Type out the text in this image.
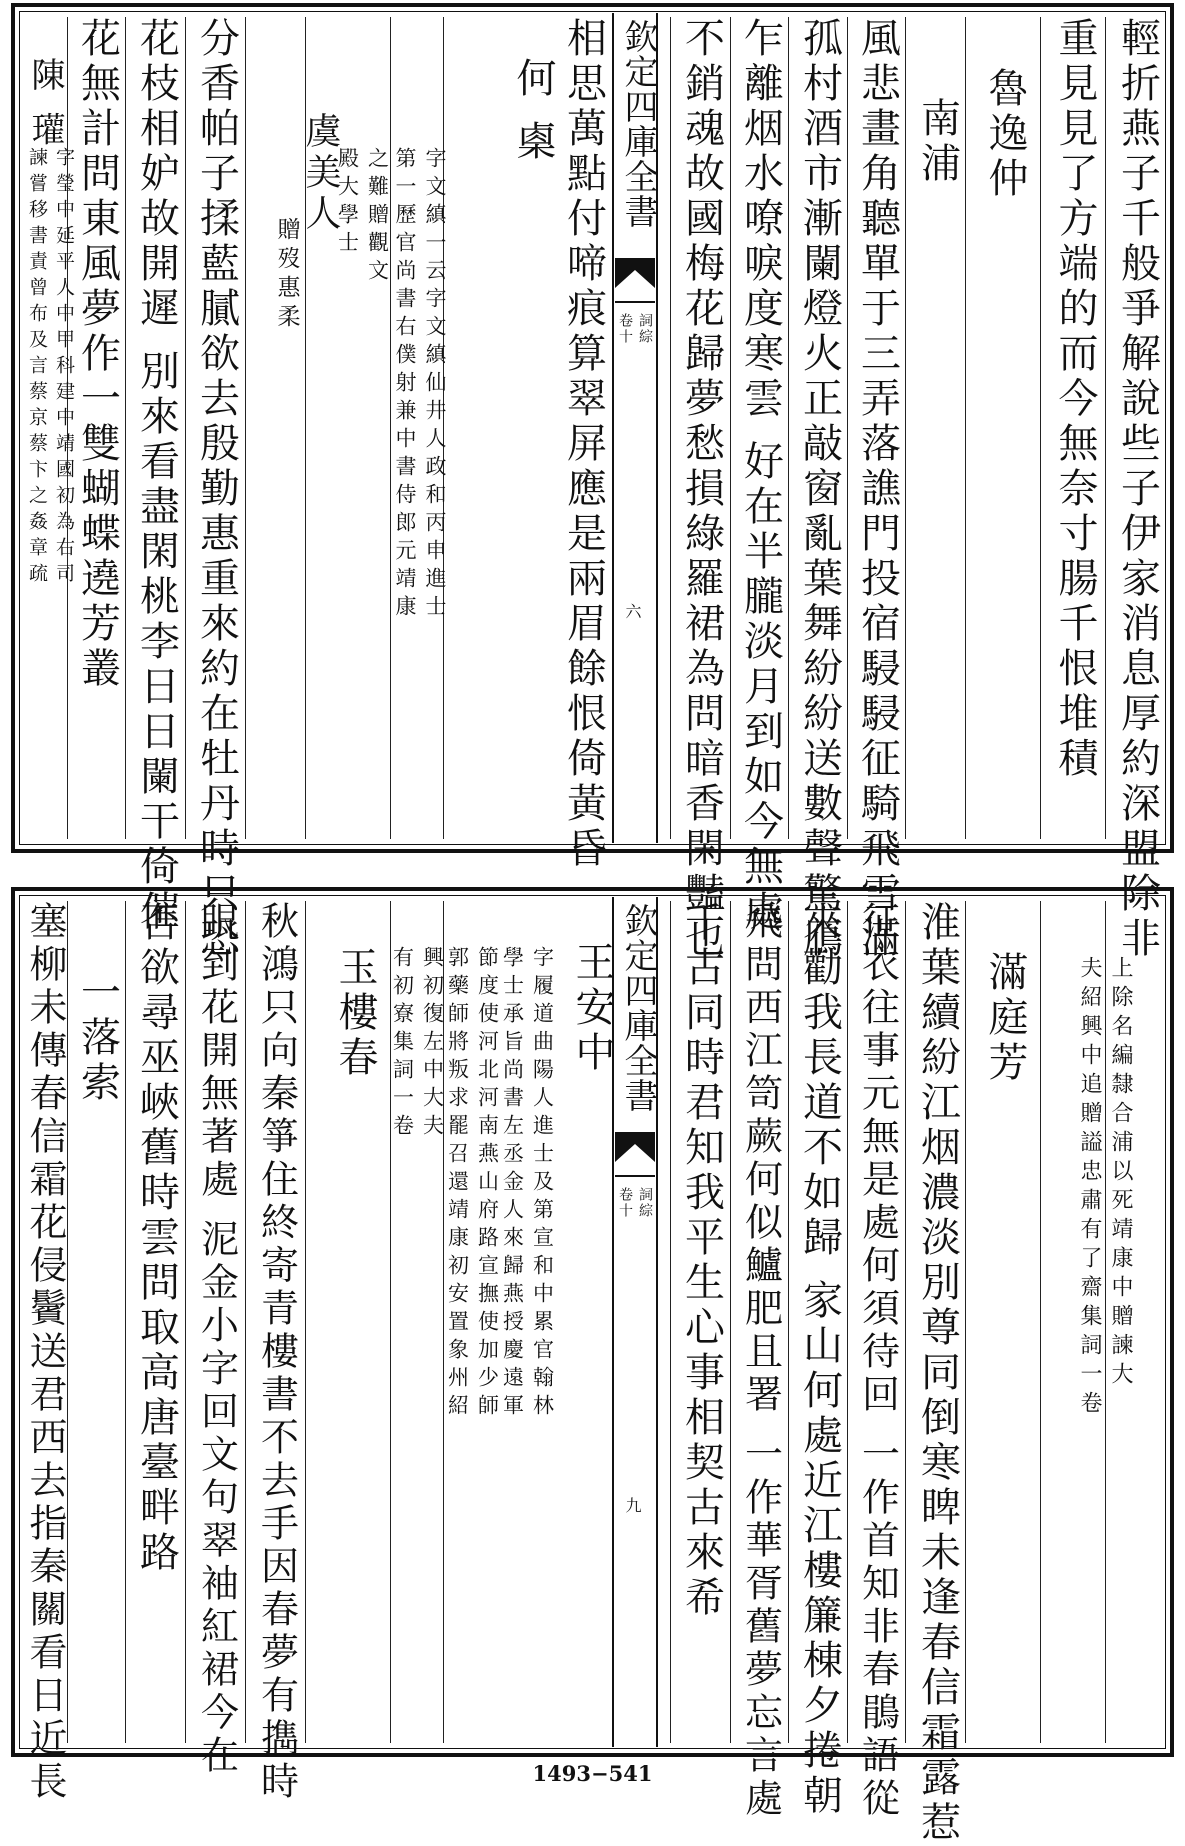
輕折燕子千般爭解說些子伊家消息厚約深盟除非
重見見了方端的而今無奈寸腸千恨堆積
魯逸仲
南浦
風悲畫角聽單于三弄落譙門投宿駸駸征騎飛雪滿
孤村酒市漸闌燈火正敲窗亂葉舞紛紛送數聲驚鴈
乍離烟水嘹唳度寒雲 好在半朧淡月到如今無處
不銷魂故國梅花歸夢愁損綠羅裙為問暗香閑豔也
欽定四庫全書
詞綜
卷十
六
相思萬點付啼痕算翠屏應是兩眉餘恨倚黃昏
何 㮚
字文縝一云字文縝仙井人政和丙申進士
第一歷官尚書右僕射兼中書侍郎元靖康
之難贈觀文
殿大學士
虞美人
贈歿惠柔
分香帕子揉藍膩欲去殷勤惠重來約在牡丹時只恐
花枝相妒故開遲 別來看盡閑桃李日日闌干倚催
花無計問東風夢作一雙蝴蝶遶芳叢
陳 瓘
字瑩中延平人中甲科建中靖國初為右司
諫嘗移書責曾布及言蔡京蔡卞之姦章疏
上除名編隸合浦以死靖康中贈諫大
夫紹興中追贈謚忠肅有了齋集詞一卷
滿庭芳
淮葉續紛江烟濃淡別尊同倒寒睥未逢春信霜露惹
征衣往事元無是處何須待回 一作首知非春鵑語從
來勸我長道不如歸 家山何處近江樓簾棟夕捲朝
飛問西江笥蕨何似鱸肥且署 一作華胥舊夢忘言處
千古同時君知我平生心事相契古來希
欽定四庫全書
詞綜
卷十
九
王安中
字履道曲陽人進士及第宣和中累官翰林
學士承旨尚書左丞金人來歸燕授慶遠軍
節度使河北河南燕山府路宣撫使加少師
郭藥師將叛求罷召還靖康初安置象州紹
興初復左中大夫
有初寮集詞一卷
玉樓春
秋鴻只向秦箏住終寄青樓書不去手因春夢有擕時
眼到花開無著處 泥金小字回文句翠袖紅裙今在
否欲尋巫峽舊時雲問取高唐臺畔路
一落索
塞柳未傳春信霜花侵鬢送君西去指秦關看日近長	1493−541
